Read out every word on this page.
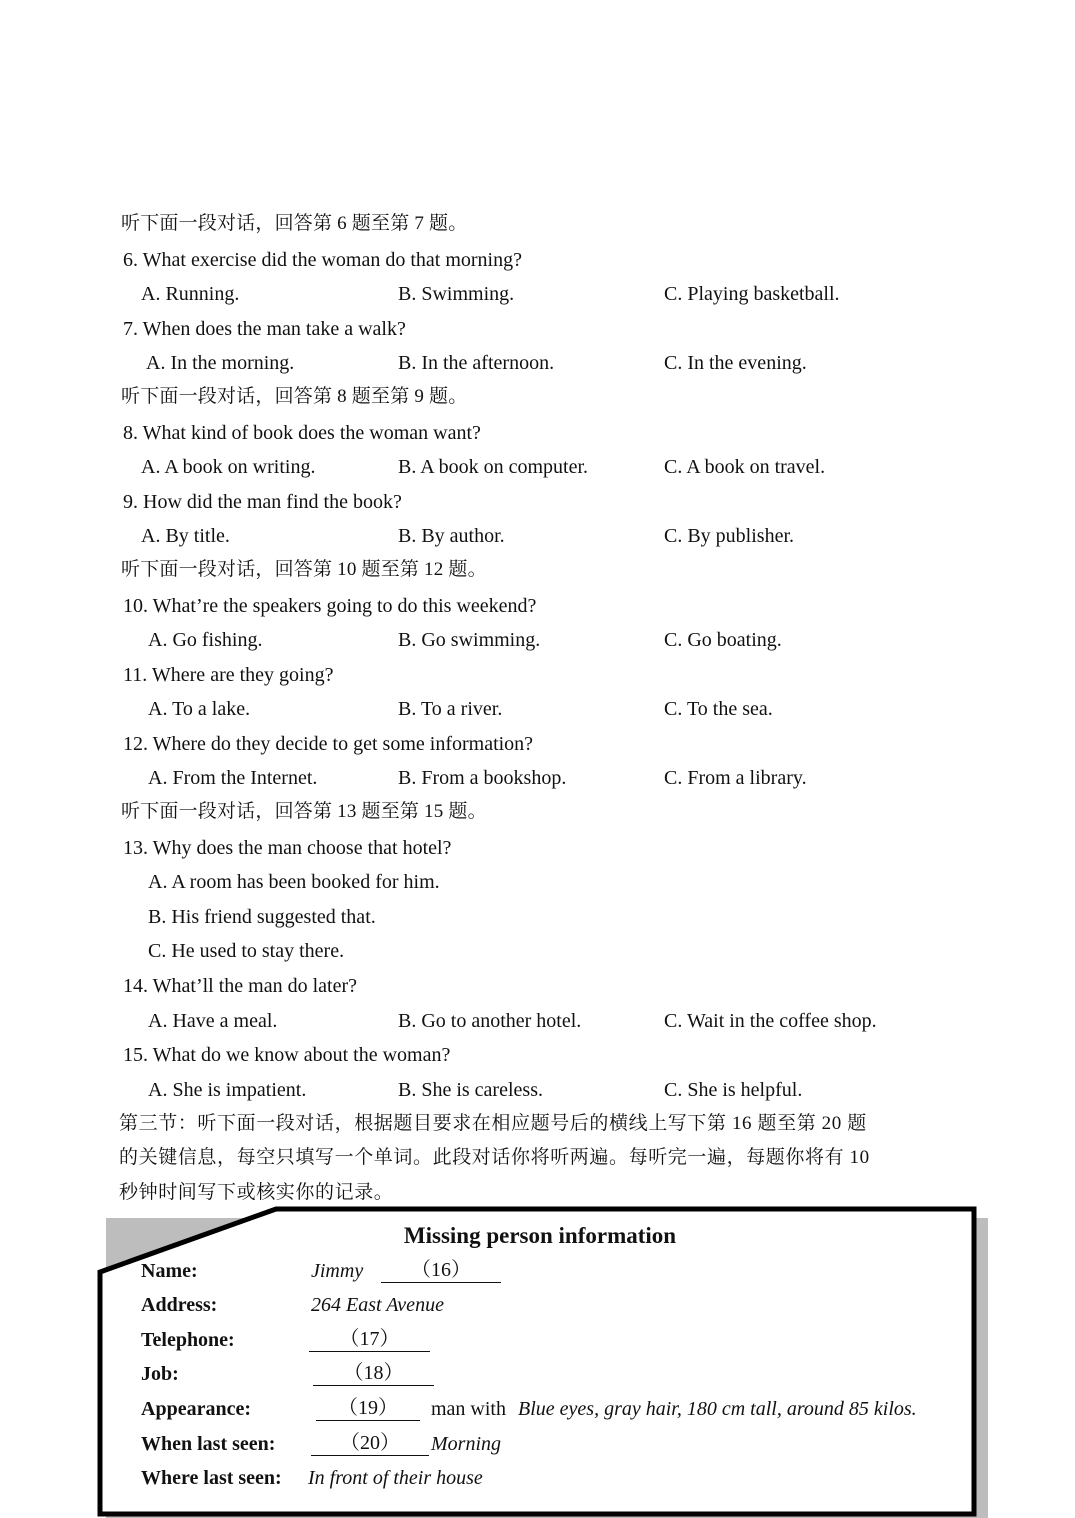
听下面一段对话，回答第 6 题至第 7 题。
6. What exercise did the woman do that morning?
A. Running.	B. Swimming.	C. Playing basketball.
7. When does the man take a walk?
A. In the morning.	B. In the afternoon.	C. In the evening.
听下面一段对话，回答第 8 题至第 9 题。
8. What kind of book does the woman want?
A. A book on writing.	B. A book on computer.	C. A book on travel.
9. How did the man find the book?
A. By title.	B. By author.	C. By publisher.
听下面一段对话，回答第 10 题至第 12 题。
10. What’re the speakers going to do this weekend?
A. Go fishing.	B. Go swimming.	C. Go boating.
11. Where are they going?
A. To a lake.	B. To a river.	C. To the sea.
12. Where do they decide to get some information?
A. From the Internet.	B. From a bookshop.	C. From a library.
听下面一段对话，回答第 13 题至第 15 题。
13. Why does the man choose that hotel?
A. A room has been booked for him.
B. His friend suggested that.
C. He used to stay there.
14. What’ll the man do later?
A. Have a meal.	B. Go to another hotel.	C. Wait in the coffee shop.
15. What do we know about the woman?
A. She is impatient.	B. She is careless.	C. She is helpful.
第三节：听下面一段对话，根据题目要求在相应题号后的横线上写下第 16 题至第 20 题
的关键信息，每空只填写一个单词。此段对话你将听两遍。每听完一遍，每题你将有 10
秒钟时间写下或核实你的记录。
Missing person information
Name:	Jimmy	（16）
Address:	264 East Avenue
Telephone:	（17）
Job:	（18）
Appearance:	（19）	man with Blue eyes, gray hair, 180 cm tall, around 85 kilos.
When last seen:	（20）	Morning
Where last seen: In front of their house
